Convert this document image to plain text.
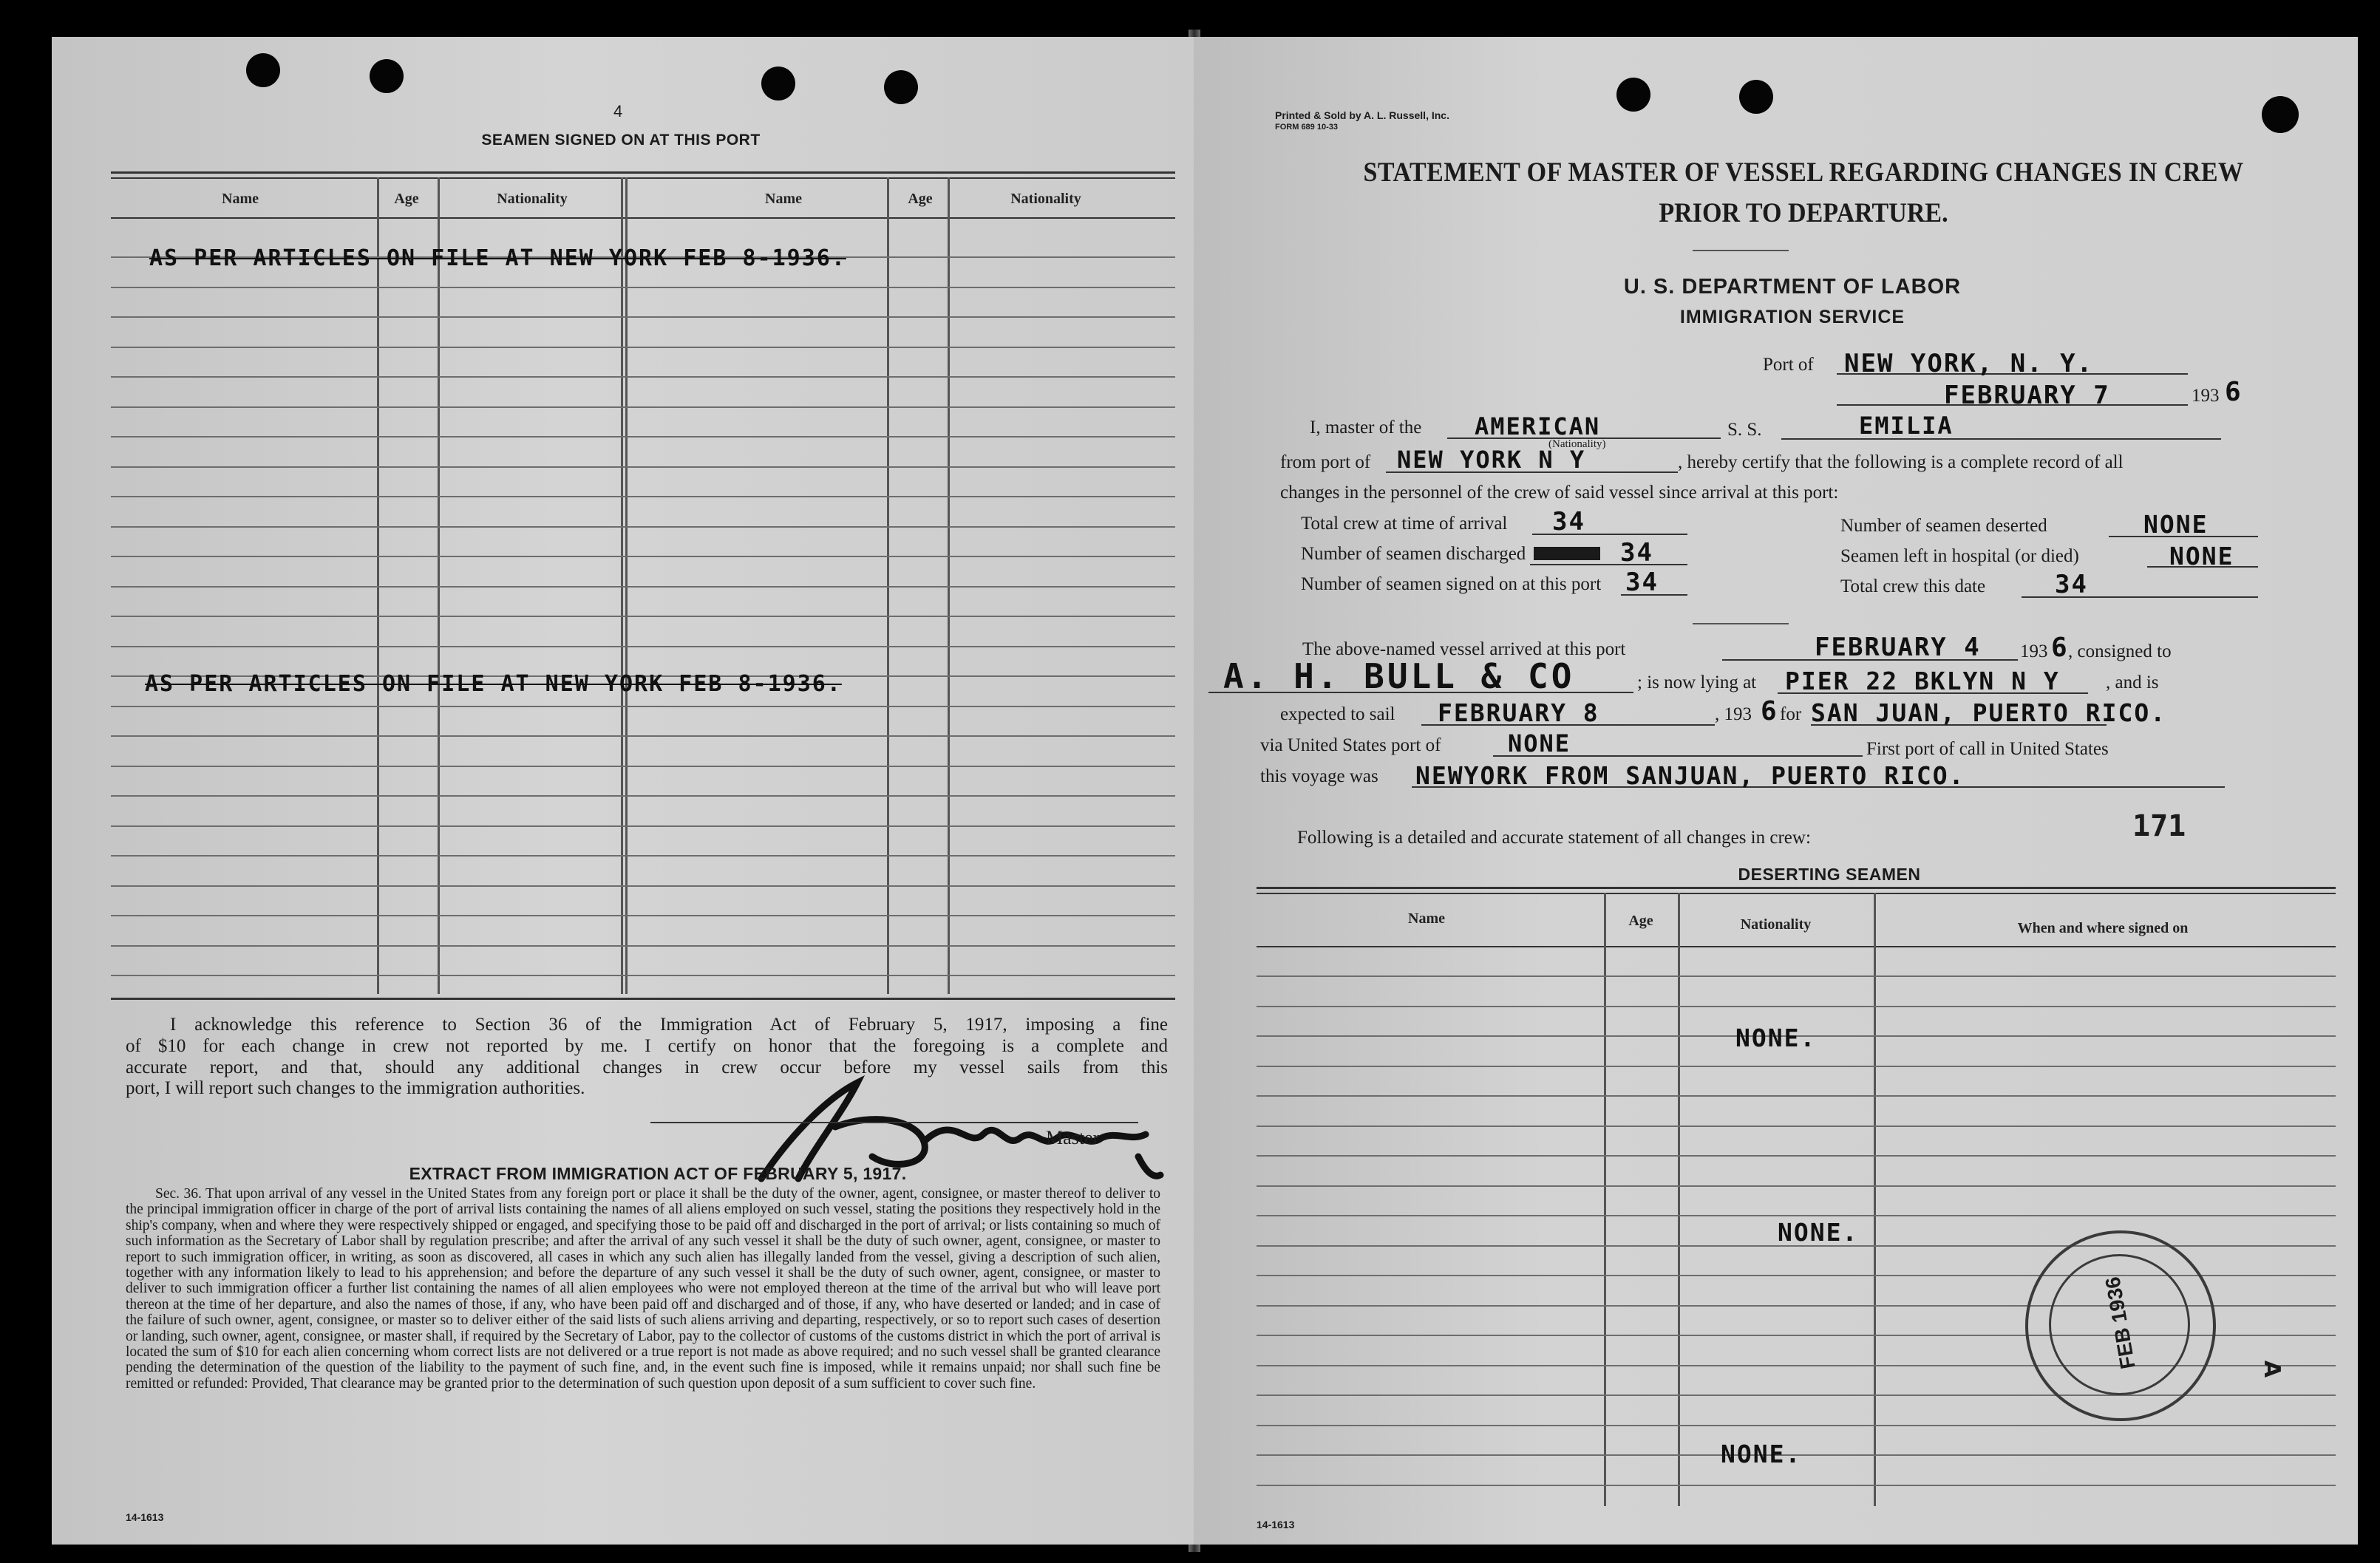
4
SEAMEN SIGNED ON AT THIS PORT
Name	Age	Nationality	Name	Age	Nationality
AS PER ARTICLES ON FILE AT NEW YORK FEB 8-1936.
AS PER ARTICLES ON FILE AT NEW YORK FEB 8-1936.
I acknowledge this reference to Section 36 of the Immigration Act of February 5, 1917, imposing a fine
of $10 for each change in crew not reported by me. I certify on honor that the foregoing is a complete and
accurate report, and that, should any additional changes in crew occur before my vessel sails from this
port, I will report such changes to the immigration authorities.
Master
EXTRACT FROM IMMIGRATION ACT OF FEBRUARY 5, 1917.
Sec. 36. That upon arrival of any vessel in the United States from any foreign port or place it shall be the duty of the owner, agent, consignee, or master thereof to deliver to the principal immigration officer in charge of the port of arrival lists containing the names of all aliens employed on such vessel, stating the positions they respectively hold in the ship's company, when and where they were respectively shipped or engaged, and specifying those to be paid off and discharged in the port of arrival; or lists containing so much of such information as the Secretary of Labor shall by regulation prescribe; and after the arrival of any such vessel it shall be the duty of such owner, agent, consignee, or master to report to such immigration officer, in writing, as soon as discovered, all cases in which any such alien has illegally landed from the vessel, giving a description of such alien, together with any information likely to lead to his apprehension; and before the departure of any such vessel it shall be the duty of such owner, agent, consignee, or master to deliver to such immigration officer a further list containing the names of all alien employees who were not employed thereon at the time of the arrival but who will leave port thereon at the time of her departure, and also the names of those, if any, who have been paid off and discharged and of those, if any, who have deserted or landed; and in case of the failure of such owner, agent, consignee, or master so to deliver either of the said lists of such aliens arriving and departing, respectively, or so to report such cases of desertion or landing, such owner, agent, consignee, or master shall, if required by the Secretary of Labor, pay to the collector of customs of the customs district in which the port of arrival is located the sum of $10 for each alien concerning whom correct lists are not delivered or a true report is not made as above required; and no such vessel shall be granted clearance pending the determination of the question of the liability to the payment of such fine, and, in the event such fine is imposed, while it remains unpaid; nor shall such fine be remitted or refunded: Provided, That clearance may be granted prior to the determination of such question upon deposit of a sum sufficient to cover such fine.
14-1613
Printed & Sold by A. L. Russell, Inc.
FORM 689 10-33
STATEMENT OF MASTER OF VESSEL REGARDING CHANGES IN CREW
PRIOR TO DEPARTURE.
U. S. DEPARTMENT OF LABOR
IMMIGRATION SERVICE
Port of NEW YORK, N. Y.
FEBRUARY 7	193 6
I, master of the AMERICAN
(Nationality)
S. S.	EMILIA
from port of NEW YORK N Y	, hereby certify that the following is a complete record of all
changes in the personnel of the crew of said vessel since arrival at this port:
Total crew at time of arrival 34
Number of seamen discharged	34
Number of seamen signed on at this port 34
Number of seamen deserted	NONE
Seamen left in hospital (or died)	NONE
Total crew this date	34
The above-named vessel arrived at this port	FEBRUARY 4 193 6 , consigned to
A. H. BULL & CO	; is now lying at PIER 22 BKLYN N Y	, and is
expected to sail FEBRUARY 8	, 193 6 for SAN JUAN, PUERTO RICO.
via United States port of	NONE	First port of call in United States
this voyage was NEWYORK FROM SANJUAN, PUERTO RICO.
Following is a detailed and accurate statement of all changes in crew:	171
DESERTING SEAMEN
Name	Age	Nationality	When and where signed on
NONE.
NONE.
NONE.
FEB 1936	∀
14-1613
